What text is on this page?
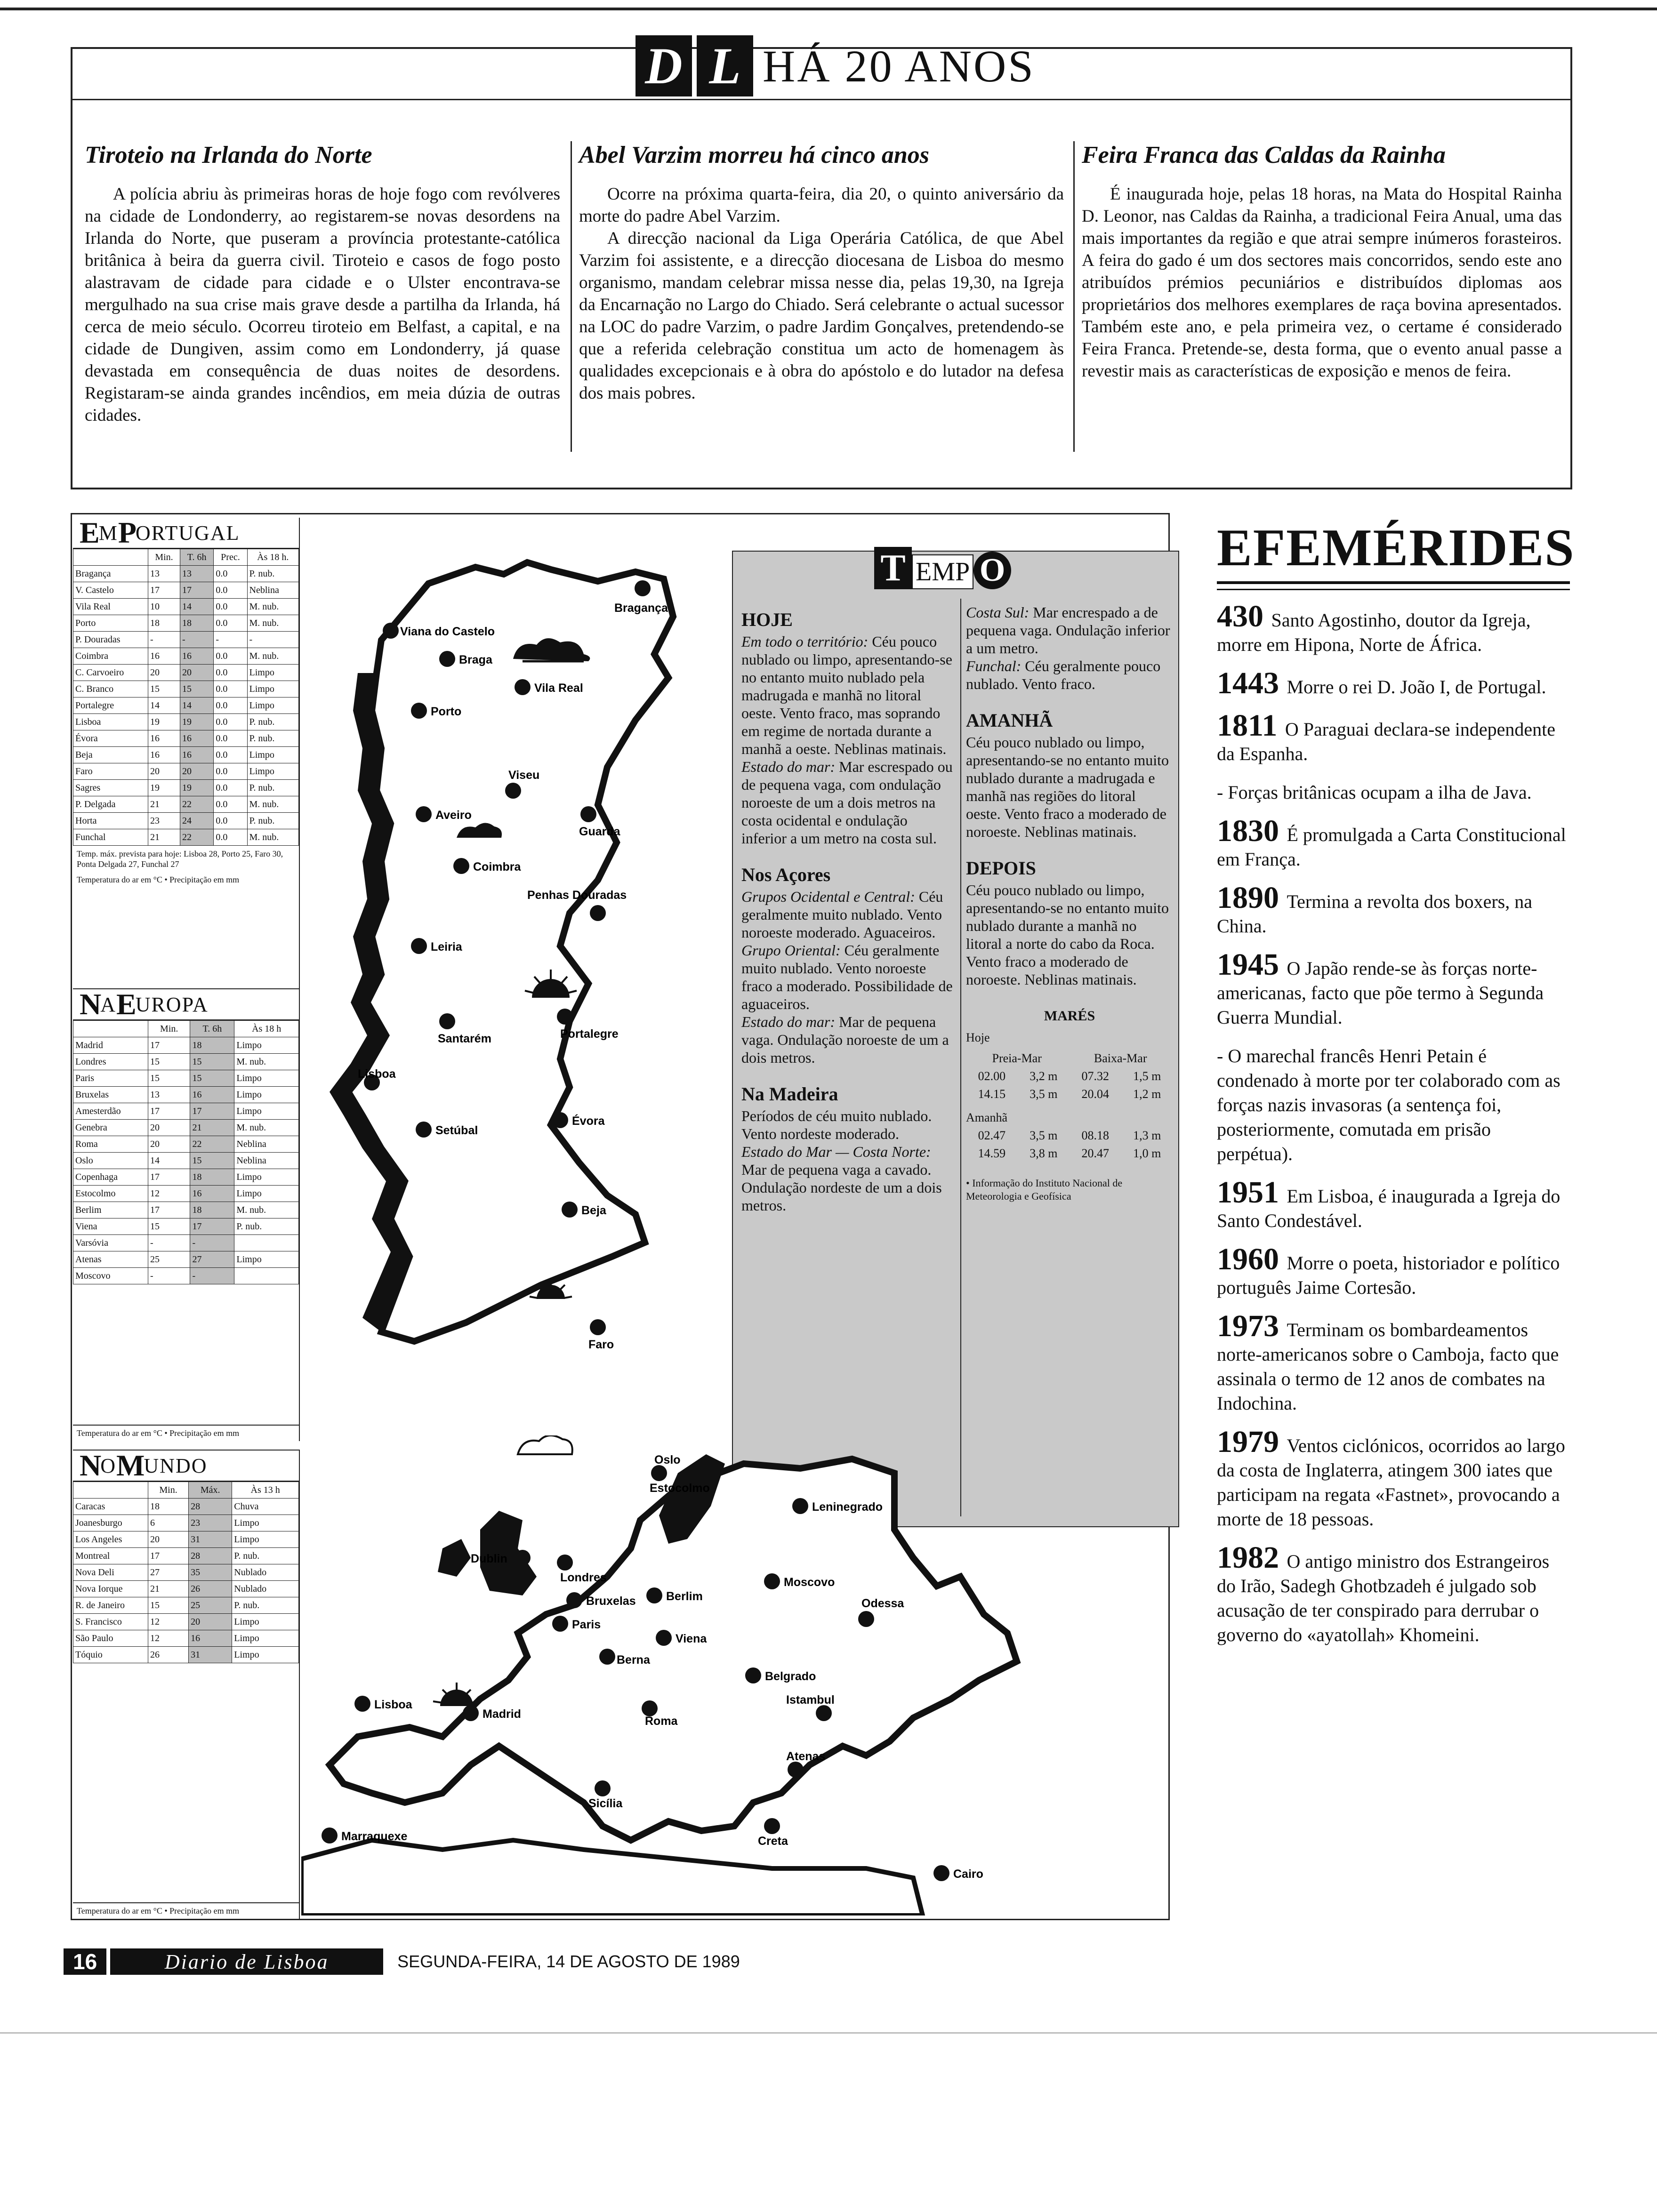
D L HÁ 20 ANOS
Tiroteio na Irlanda do Norte

A polícia abriu às primeiras horas de hoje fogo com revólveres na cidade de Londonderry, ao registarem-se novas desordens na Irlanda do Norte, que puseram a província protestante-católica britânica à beira da guerra civil. Tiroteio e casos de fogo posto alastravam de cidade para cidade e o Ulster encontrava-se mergulhado na sua crise mais grave desde a partilha da Irlanda, há cerca de meio século. Ocorreu tiroteio em Belfast, a capital, e na cidade de Dungiven, assim como em Londonderry, já quase devastada em consequência de duas noites de desordens. Registaram-se ainda grandes incêndios, em meia dúzia de outras cidades.

Abel Varzim morreu há cinco anos

Ocorre na próxima quarta-feira, dia 20, o quinto aniversário da morte do padre Abel Varzim.

A direcção nacional da Liga Operária Católica, de que Abel Varzim foi assistente, e a direcção diocesana de Lisboa do mesmo organismo, mandam celebrar missa nesse dia, pelas 19,30, na Igreja da Encarnação no Largo do Chiado. Será celebrante o actual sucessor na LOC do padre Varzim, o padre Jardim Gonçalves, pretendendo-se que a referida celebração constitua um acto de homenagem às qualidades excepcionais e à obra do apóstolo e do lutador na defesa dos mais pobres.

Feira Franca das Caldas da Rainha

É inaugurada hoje, pelas 18 horas, na Mata do Hospital Rainha D. Leonor, nas Caldas da Rainha, a tradicional Feira Anual, uma das mais importantes da região e que atrai sempre inúmeros forasteiros. A feira do gado é um dos sectores mais concorridos, sendo este ano atribuídos prémios pecuniários e distribuídos diplomas aos proprietários dos melhores exemplares de raça bovina apresentados. Também este ano, e pela primeira vez, o certame é considerado Feira Franca. Pretende-se, desta forma, que o evento anual passe a revestir mais as características de exposição e menos de feira.

E M P ORTUGAL
	Min.	T. 6h	Prec.	Às 18 h.
Bragança	13	13	0.0	P. nub.
V. Castelo	17	17	0.0	Neblina
Vila Real	10	14	0.0	M. nub.
Porto	18	18	0.0	M. nub.
P. Douradas	-	-	-	-
Coimbra	16	16	0.0	M. nub.
C. Carvoeiro	20	20	0.0	Limpo
C. Branco	15	15	0.0	Limpo
Portalegre	14	14	0.0	Limpo
Lisboa	19	19	0.0	P. nub.
Évora	16	16	0.0	P. nub.
Beja	16	16	0.0	Limpo
Faro	20	20	0.0	Limpo
Sagres	19	19	0.0	P. nub.
P. Delgada	21	22	0.0	M. nub.
Horta	23	24	0.0	P. nub.
Funchal	21	22	0.0	M. nub.
Temp. máx. prevista para hoje: Lisboa 28, Porto 25, Faro 30, Ponta Delgada 27, Funchal 27
Temperatura do ar em °C • Precipitação em mm
N A E UROPA
	Min.	T. 6h	Às 18 h
Madrid	17	18	Limpo
Londres	15	15	M. nub.
Paris	15	15	Limpo
Bruxelas	13	16	Limpo
Amesterdão	17	17	Limpo
Genebra	20	21	M. nub.
Roma	20	22	Neblina
Oslo	14	15	Neblina
Copenhaga	17	18	Limpo
Estocolmo	12	16	Limpo
Berlim	17	18	M. nub.
Viena	15	17	P. nub.
Varsóvia	-	-	
Atenas	25	27	Limpo
Moscovo	-	-	
Temperatura do ar em °C • Precipitação em mm
N O M UNDO
	Min.	Máx.	Às 13 h
Caracas	18	28	Chuva
Joanesburgo	6	23	Limpo
Los Angeles	20	31	Limpo
Montreal	17	28	P. nub.
Nova Deli	27	35	Nublado
Nova Iorque	21	26	Nublado
R. de Janeiro	15	25	P. nub.
S. Francisco	12	20	Limpo
São Paulo	12	16	Limpo
Tóquio	26	31	Limpo
Temperatura do ar em °C • Precipitação em mm
Bragança
Viana do Castelo
Braga
Vila Real
Porto
Viseu
Aveiro
Guarda
Coimbra
Penhas Douradas
Leiria
Portalegre
Santarém
Lisboa
Setúbal
Évora
Beja
Faro
T EMP O

HOJE

Em todo o território: Céu pouco nublado ou limpo, apresentando-se no entanto muito nublado pela madrugada e manhã no litoral oeste. Vento fraco, mas soprando em regime de nortada durante a manhã a oeste. Neblinas matinais.

Estado do mar: Mar escrespado ou de pequena vaga, com ondulação noroeste de um a dois metros na costa ocidental e ondulação inferior a um metro na costa sul.

Nos Açores

Grupos Ocidental e Central: Céu geralmente muito nublado. Vento noroeste moderado. Aguaceiros.

Grupo Oriental: Céu geralmente muito nublado. Vento noroeste fraco a moderado. Possibilidade de aguaceiros.

Estado do mar: Mar de pequena vaga. Ondulação noroeste de um a dois metros.

Na Madeira

Períodos de céu muito nublado. Vento nordeste moderado.

Estado do Mar — Costa Norte: Mar de pequena vaga a cavado. Ondulação nordeste de um a dois metros.

Costa Sul: Mar encrespado a de pequena vaga. Ondulação inferior a um metro.

Funchal: Céu geralmente pouco nublado. Vento fraco.

AMANHÃ

Céu pouco nublado ou limpo, apresentando-se no entanto muito nublado durante a madrugada e manhã nas regiões do litoral oeste. Vento fraco a moderado de noroeste. Neblinas matinais.

DEPOIS

Céu pouco nublado ou limpo, apresentando-se no entanto muito nublado durante a manhã no litoral a norte do cabo da Roca. Vento fraco a moderado de noroeste. Neblinas matinais.

MARÉS

Hoje

Preia-Mar	Baixa-Mar
02.00 3,2 m 07.32 1,5 m
14.15 3,5 m 20.04 1,2 m

Amanhã

02.47 3,5 m 08.18 1,3 m
14.59 3,8 m 20.47 1,0 m

• Informação do Instituto Nacional de Meteorologia e Geofísica

Oslo
Estocolmo
Leninegrado
Dublin
Londres	Moscovo
Bruxelas	Berlim
Paris
Odessa
Viena
Berna
Belgrado
Roma
Lisboa
Madrid
Istambul
Atenas
Sicília
Creta
Marraquexe
Cairo
EFEMÉRIDES
430 Santo Agostinho, doutor da Igreja, morre em Hipona, Norte de África.
1443 Morre o rei D. João I, de Portugal.
1811 O Paraguai declara-se independente da Espanha.
- Forças britânicas ocupam a ilha de Java.
1830 É promulgada a Carta Constitucional em França.
1890 Termina a revolta dos boxers, na China.
1945 O Japão rende-se às forças norte-americanas, facto que põe termo à Segunda Guerra Mundial.
- O marechal francês Henri Petain é condenado à morte por ter colaborado com as forças nazis invasoras (a sentença foi, posteriormente, comutada em prisão perpétua).
1951 Em Lisboa, é inaugurada a Igreja do Santo Condestável.
1960 Morre o poeta, historiador e político português Jaime Cortesão.
1973 Terminam os bombardeamentos norte-americanos sobre o Camboja, facto que assinala o termo de 12 anos de combates na Indochina.
1979 Ventos ciclónicos, ocorridos ao largo da costa de Inglaterra, atingem 300 iates que participam na regata «Fastnet», provocando a morte de 18 pessoas.
1982 O antigo ministro dos Estrangeiros do Irão, Sadegh Ghotbzadeh é julgado sob acusação de ter conspirado para derrubar o governo do «ayatollah» Khomeini.
16	Diario de Lisboa	SEGUNDA-FEIRA, 14 DE AGOSTO DE 1989
